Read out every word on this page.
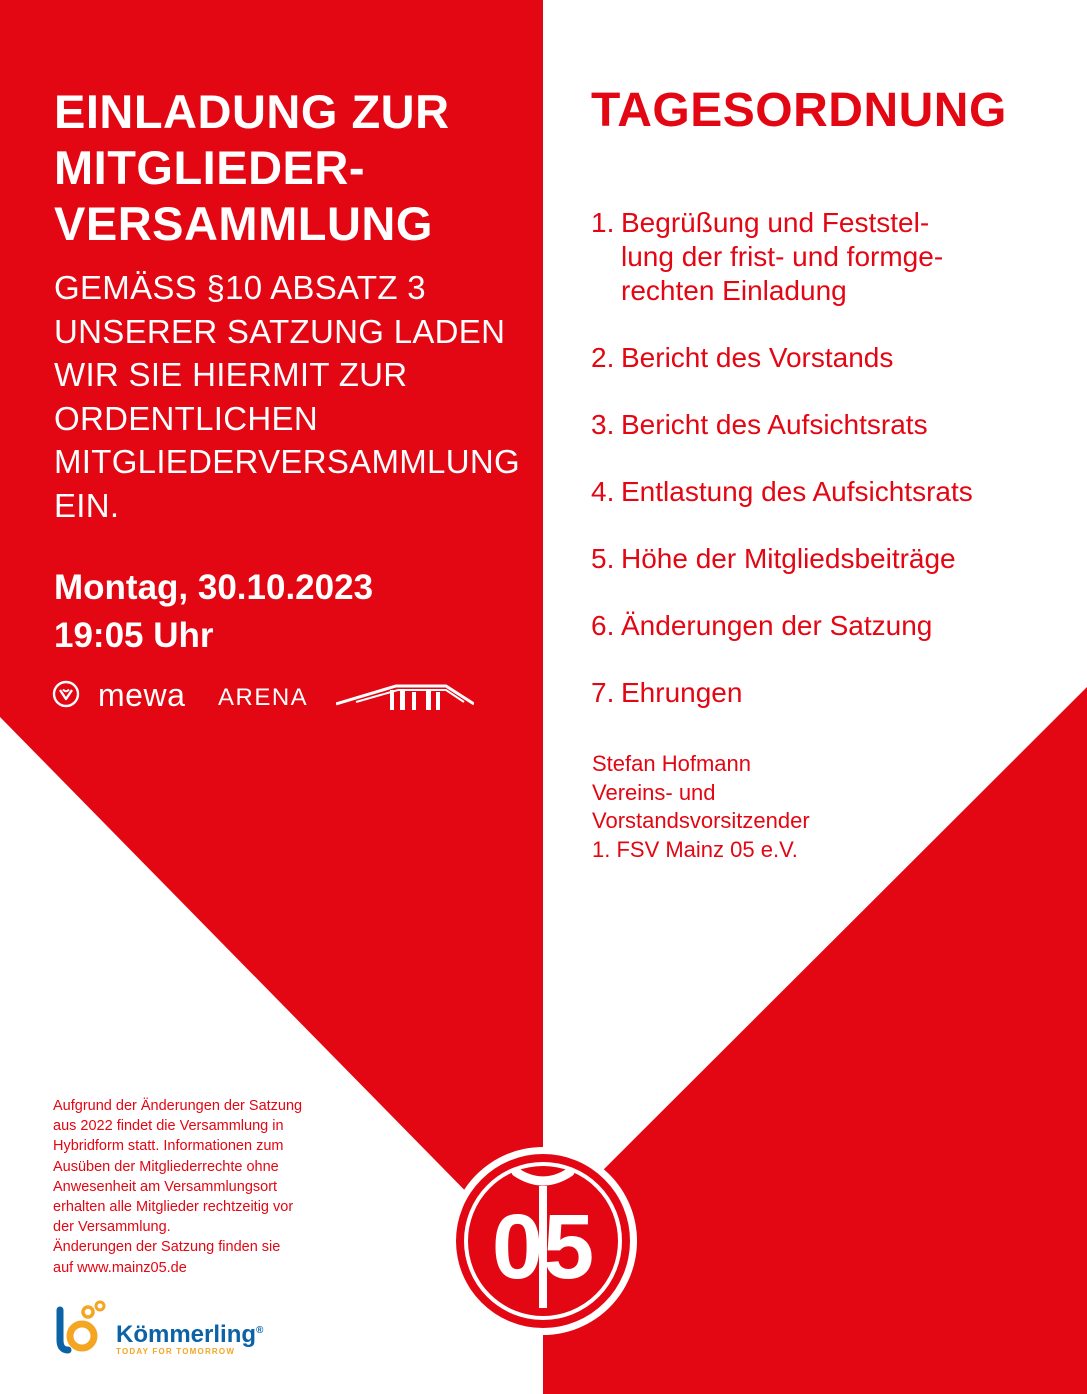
EINLADUNG ZUR
MITGLIEDER-
VERSAMMLUNG

GEMÄSS §10 ABSATZ 3 UNSERER SATZUNG LADEN WIR SIE HIERMIT ZUR ORDENTLICHEN MITGLIEDERVERSAMMLUNG EIN.

Montag, 30.10.2023
19:05 Uhr
mewa ARENA
TAGESORDNUNG
1. Begrüßung und Feststel-
lung der frist- und formge-
rechten Einladung
2. Bericht des Vorstands
3. Bericht des Aufsichtsrats
4. Entlastung des Aufsichtsrats
5. Höhe der Mitgliedsbeiträge
6. Änderungen der Satzung
7. Ehrungen
Stefan Hofmann
Vereins- und
Vorstandsvorsitzender
1. FSV Mainz 05 e.V.
Aufgrund der Änderungen der Satzung
aus 2022 findet die Versammlung in
Hybridform statt. Informationen zum
Ausüben der Mitgliederrechte ohne
Anwesenheit am Versammlungsort
erhalten alle Mitglieder rechtzeitig vor
der Versammlung.
Änderungen der Satzung finden sie
auf www.mainz05.de
Kömmerling®
TODAY FOR TOMORROW
05
